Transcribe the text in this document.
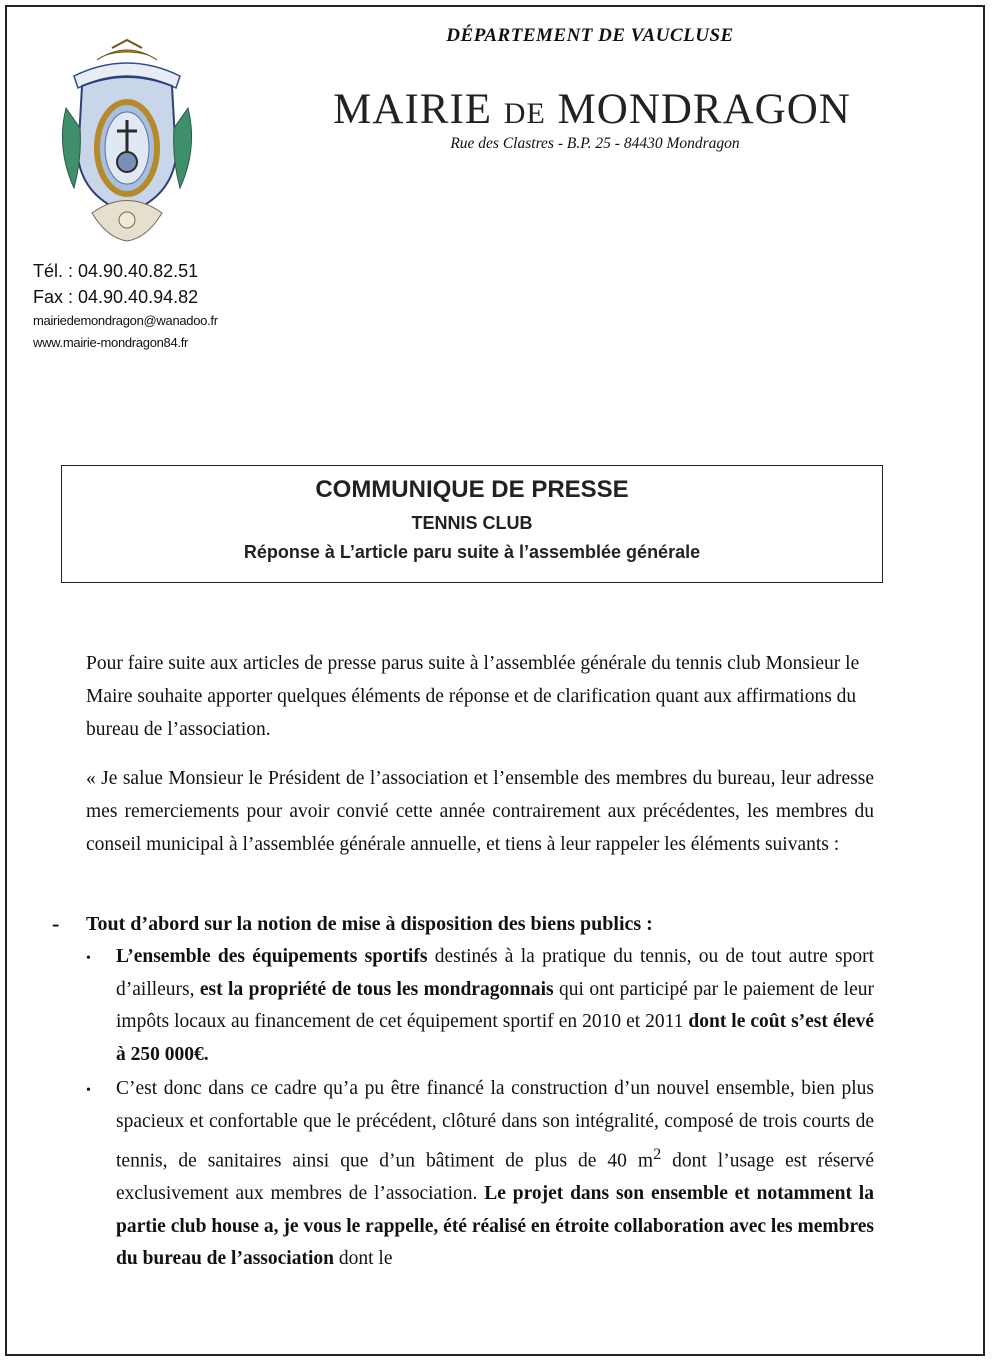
DÉPARTEMENT DE VAUCLUSE
MAIRIE DE MONDRAGON
Rue des Clastres - B.P. 25 - 84430 Mondragon
Tél. : 04.90.40.82.51
Fax : 04.90.40.94.82
mairiedemondragon@wanadoo.fr
www.mairie-mondragon84.fr
COMMUNIQUE DE PRESSE
TENNIS CLUB
Réponse à L’article paru suite à l’assemblée générale
Pour faire suite aux articles de presse parus suite à l’assemblée générale du tennis club Monsieur le Maire souhaite apporter quelques éléments de réponse et de clarification quant aux affirmations du bureau de l’association.
« Je salue Monsieur le Président de l’association et l’ensemble des membres du bureau, leur adresse mes remerciements pour avoir convié cette année contrairement aux précédentes, les membres du conseil municipal à l’assemblée générale annuelle, et tiens à leur rappeler les éléments suivants :
- Tout d’abord sur la notion de mise à disposition des biens publics :
• L’ensemble des équipements sportifs destinés à la pratique du tennis, ou de tout autre sport d’ailleurs, est la propriété de tous les mondragonnais qui ont participé par le paiement de leur impôts locaux au financement de cet équipement sportif en 2010 et 2011 dont le coût s’est élevé à 250 000€.
• C’est donc dans ce cadre qu’a pu être financé la construction d’un nouvel ensemble, bien plus spacieux et confortable que le précédent, clôturé dans son intégralité, composé de trois courts de tennis, de sanitaires ainsi que d’un bâtiment de plus de 40 $m^2$ dont l’usage est réservé exclusivement aux membres de l’association. Le projet dans son ensemble et notamment la partie club house a, je vous le rappelle, été réalisé en étroite collaboration avec les membres du bureau de l’association dont le
